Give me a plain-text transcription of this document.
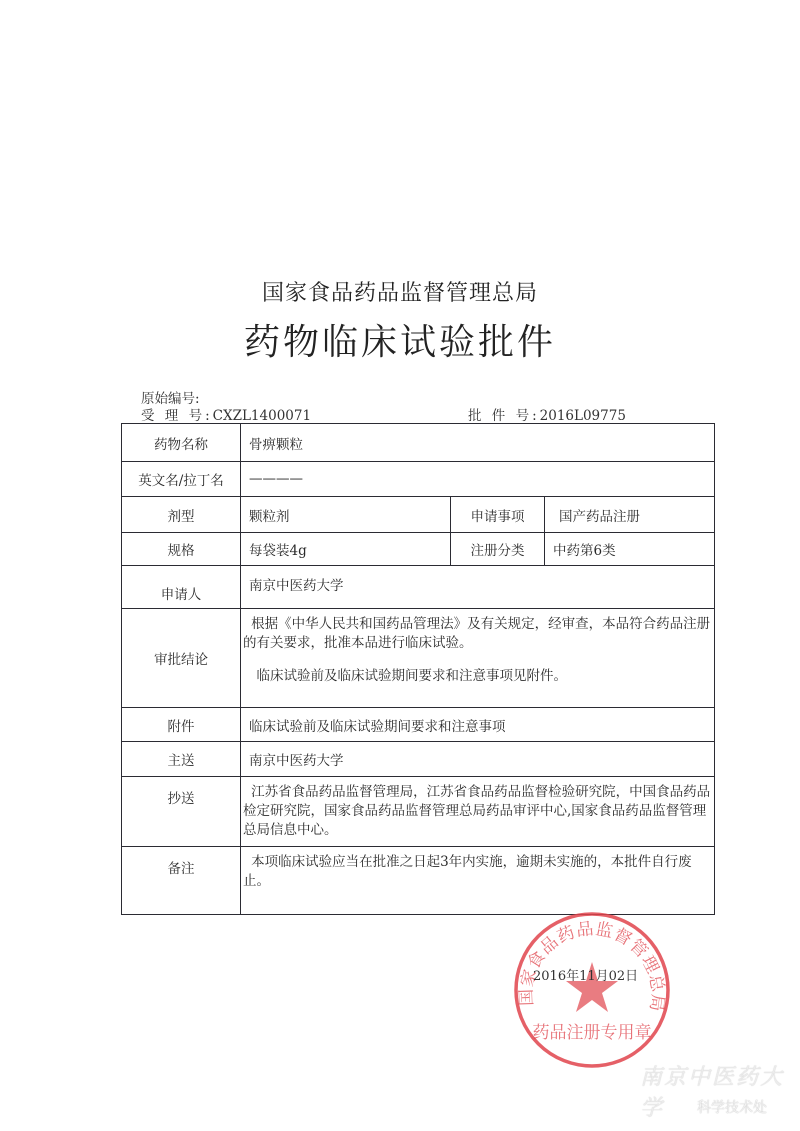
国家食品药品监督管理总局
药物临床试验批件
原始编号:
受 理 号:CXZL1400071	批 件 号:2016L09775
药物名称	骨痹颗粒		
英文名/拉丁名	————		
剂型	颗粒剂	申请事项	国产药品注册
规格	每袋装4g	注册分类	中药第6类
申请人	南京中医药大学		
审批结论	根据《中华人民共和国药品管理法》及有关规定，经审查，本品符合药品注册的有关要求，批准本品进行临床试验。
临床试验前及临床试验期间要求和注意事项见附件。		

附件	临床试验前及临床试验期间要求和注意事项		
主送	南京中医药大学		
抄送	江苏省食品药品监督管理局，江苏省食品药品监督检验研究院，中国食品药品检定研究院，国家食品药品监督管理总局药品审评中心,国家食品药品监督管理总局信息中心。		

备注	本项临床试验应当在批准之日起3年内实施，逾期未实施的，本批件自行废止。		
国家食品药品监督管理总局
药品注册专用章
2016年11月02日
南京中医药大学	科学技术处
